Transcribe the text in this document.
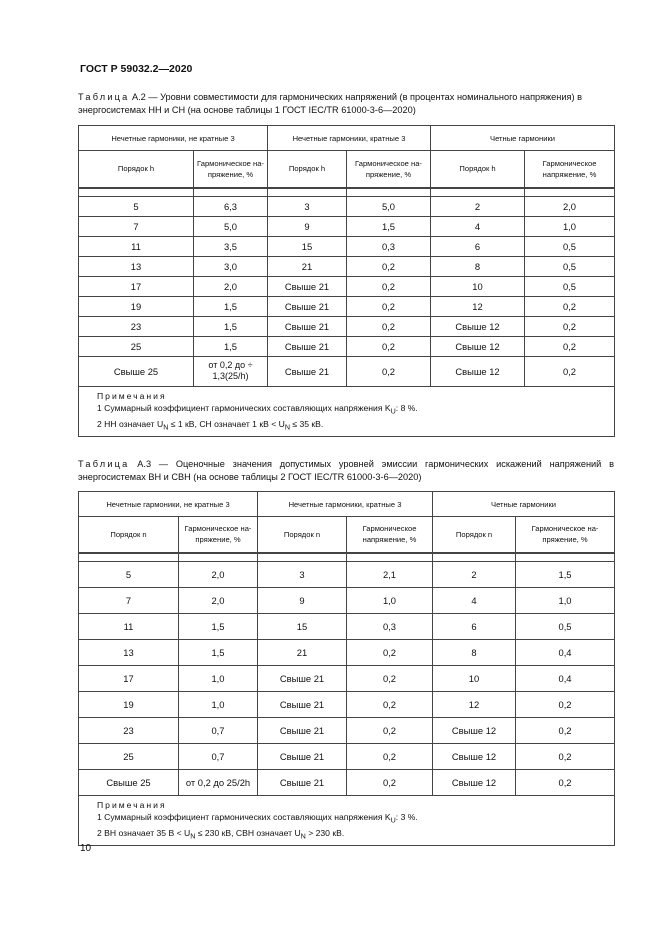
ГОСТ Р 59032.2—2020
Таблица А.2 — Уровни совместимости для гармонических напряжений (в процентах номинального напряжения) в энергосистемах НН и СН (на основе таблицы 1 ГОСТ IEC/TR 61000-3-6—2020)
Нечетные гармоники, не кратные 3		Нечетные гармоники, кратные 3		Четные гармоники	
Порядок h	Гармоническое на-пряжение, %	Порядок h	Гармоническое на-пряжение, %	Порядок h	Гармоническое напряжение, %

5	6,3	3	5,0	2	2,0
7	5,0	9	1,5	4	1,0
11	3,5	15	0,3	6	0,5
13	3,0	21	0,2	8	0,5
17	2,0	Свыше 21	0,2	10	0,5
19	1,5	Свыше 21	0,2	12	0,2
23	1,5	Свыше 21	0,2	Свыше 12	0,2
25	1,5	Свыше 21	0,2	Свыше 12	0,2
Свыше 25	от 0,2 до ÷ 1,3(25/h)	Свыше 21	0,2	Свыше 12	0,2

Примечания
1 Суммарный коэффициент гармонических составляющих напряжения $K_U$: 8 %.
2 НН означает $U_N \le 1$ кВ, СН означает 1 кВ < $U_N \le 35$ кВ.					
Таблица А.3 — Оценочные значения допустимых уровней эмиссии гармонических искажений напряжений в энергосистемах ВН и СВН (на основе таблицы 2 ГОСТ IEC/TR 61000-3-6—2020)
Нечетные гармоники, не кратные 3		Нечетные гармоники, кратные 3		Четные гармоники	
Порядок n	Гармоническое на-пряжение, %	Порядок n	Гармоническое напряжение, %	Порядок n	Гармоническое на-пряжение, %

5	2,0	3	2,1	2	1,5
7	2,0	9	1,0	4	1,0
11	1,5	15	0,3	6	0,5
13	1,5	21	0,2	8	0,4
17	1,0	Свыше 21	0,2	10	0,4
19	1,0	Свыше 21	0,2	12	0,2
23	0,7	Свыше 21	0,2	Свыше 12	0,2
25	0,7	Свыше 21	0,2	Свыше 12	0,2
Свыше 25	от 0,2 до 25/2h	Свыше 21	0,2	Свыше 12	0,2

Примечания
1 Суммарный коэффициент гармонических составляющих напряжения $K_U$: 3 %.
2 ВН означает 35 $В < U_N \le 230$ кВ, СВН означает $U_N > 230$ кВ.					
10
